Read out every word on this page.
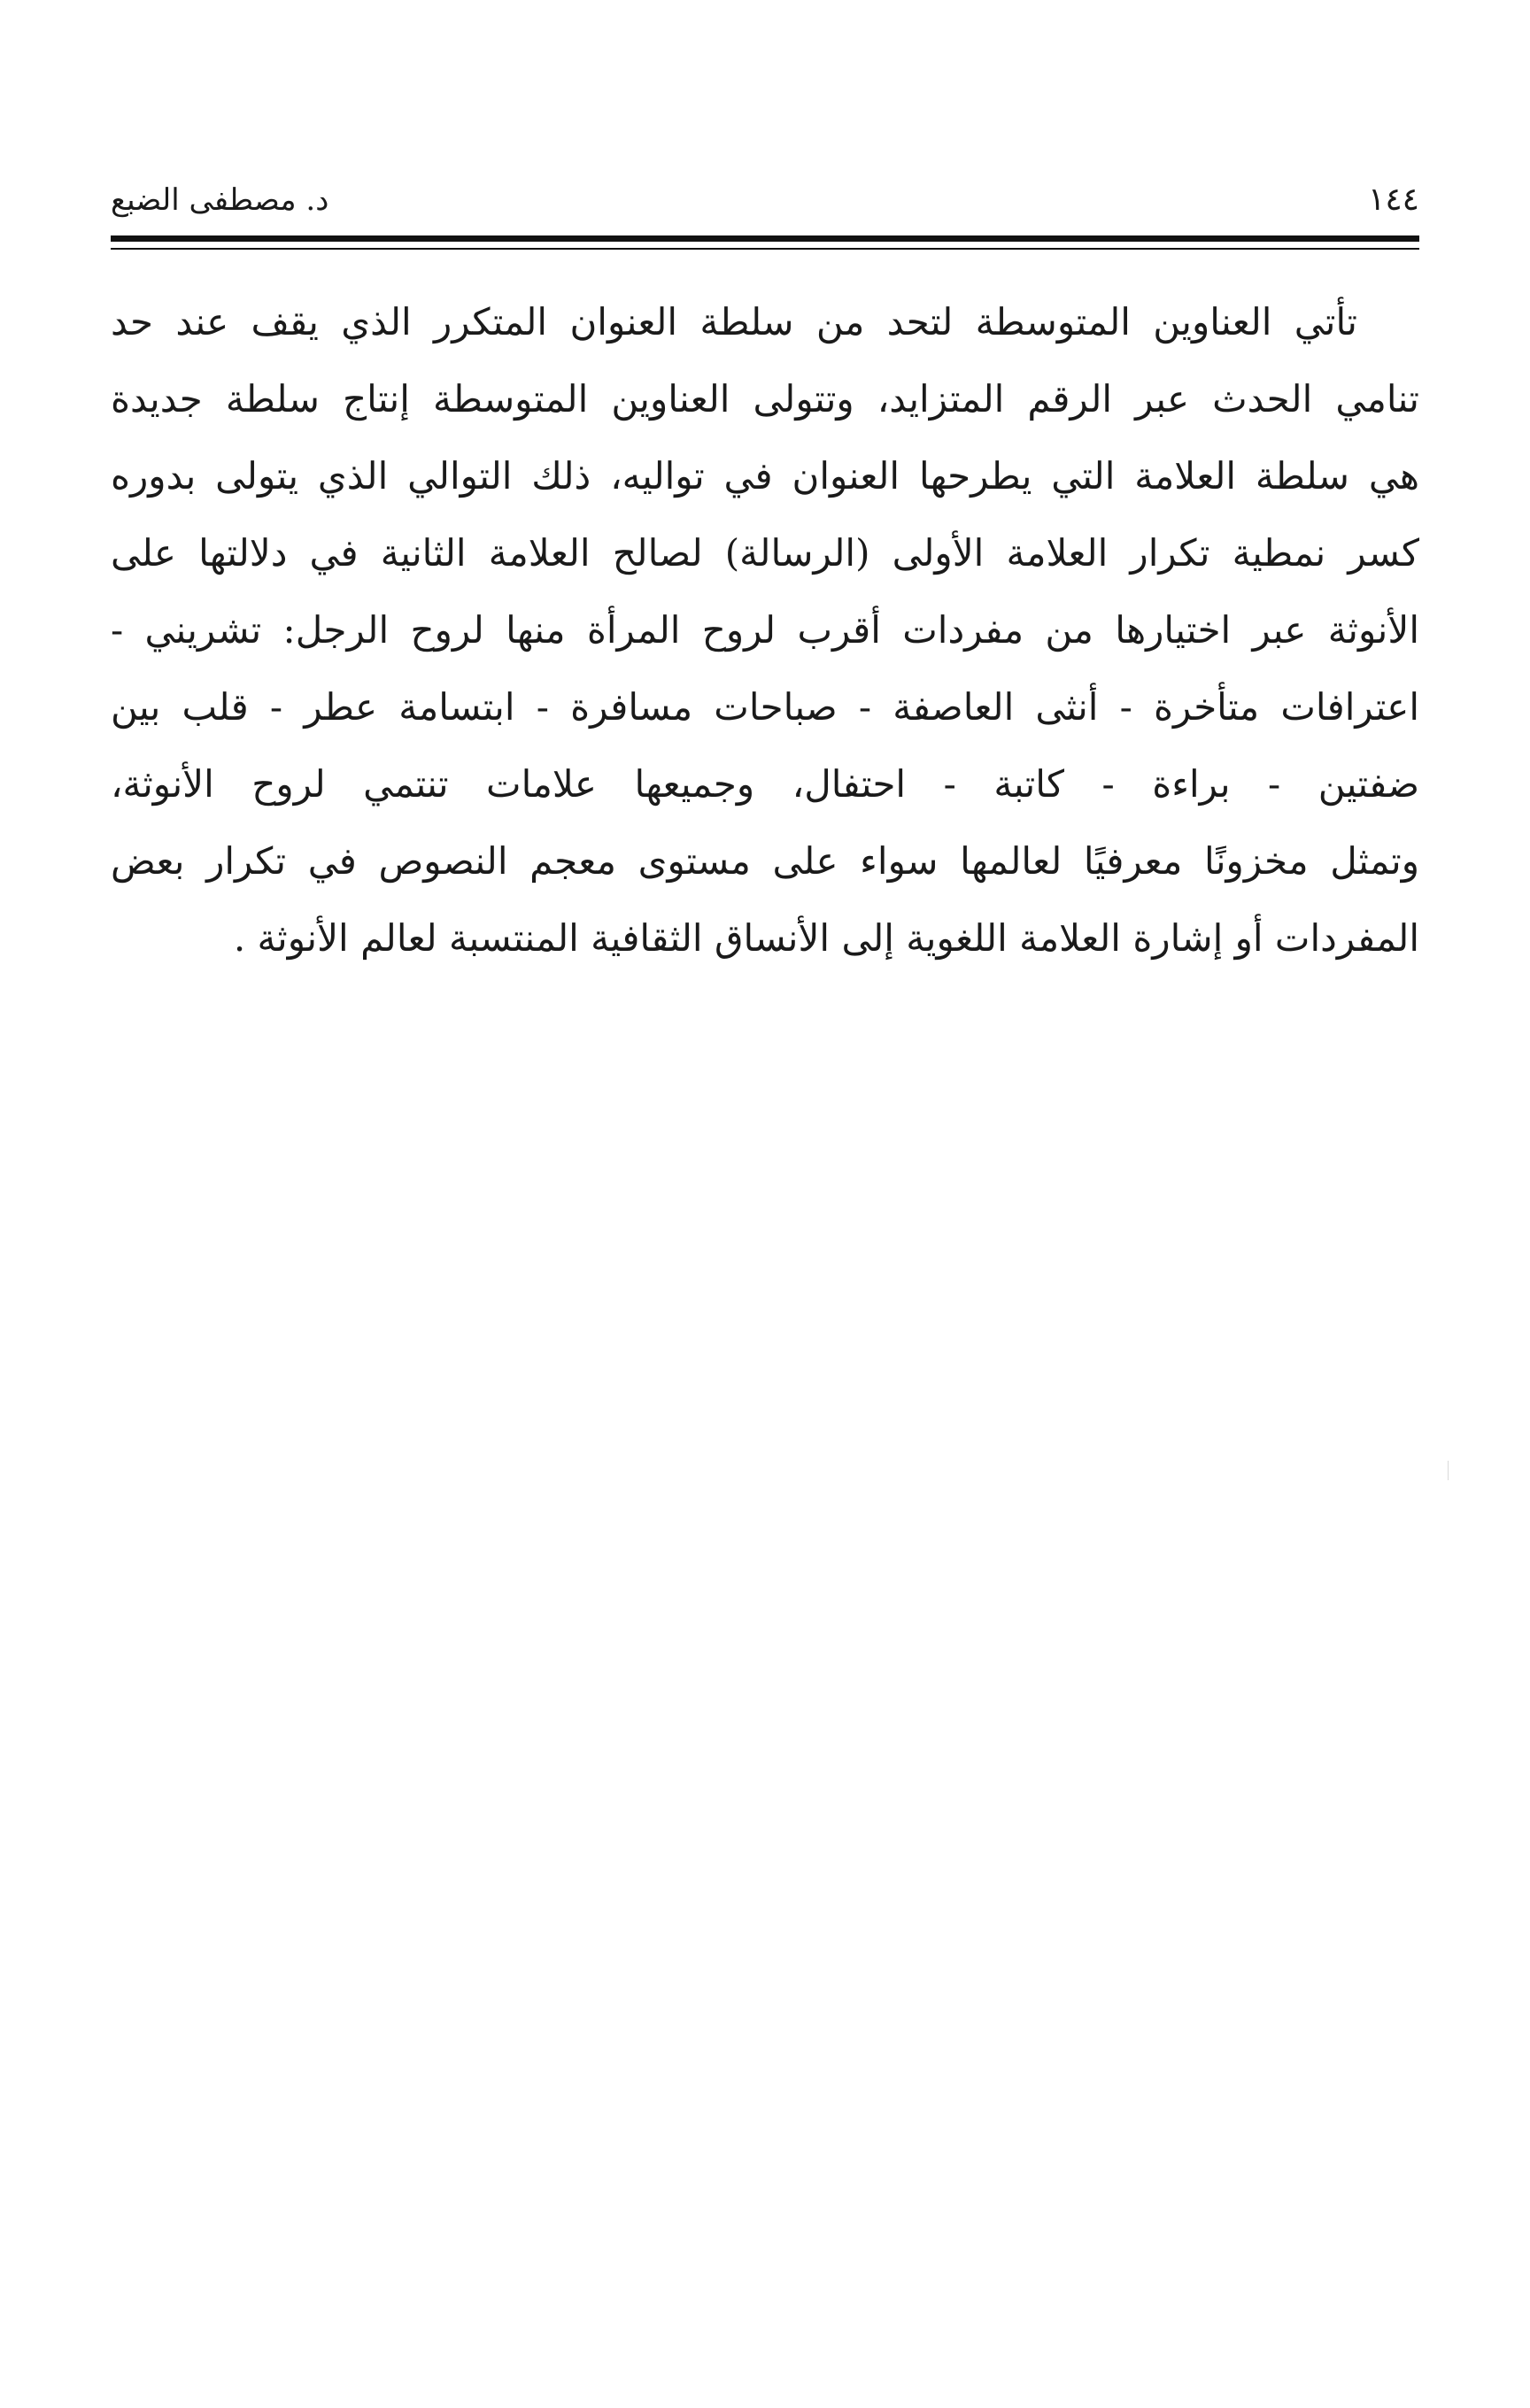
١٤٤
د. مصطفى الضبع
تأتي العناوين المتوسطة لتحد من سلطة العنوان المتكرر الذي يقف عند حد
تنامي الحدث عبر الرقم المتزايد، وتتولى العناوين المتوسطة إنتاج سلطة جديدة
هي سلطة العلامة التي يطرحها العنوان في تواليه، ذلك التوالي الذي يتولى بدوره
كسر نمطية تكرار العلامة الأولى (الرسالة) لصالح العلامة الثانية في دلالتها على
الأنوثة عبر اختيارها من مفردات أقرب لروح المرأة منها لروح الرجل: تشريني -
اعترافات متأخرة - أنثى العاصفة - صباحات مسافرة - ابتسامة عطر - قلب بين
ضفتين - براءة - كاتبة - احتفال، وجميعها علامات تنتمي لروح الأنوثة،
وتمثل مخزونًا معرفيًا لعالمها سواء على مستوى معجم النصوص في تكرار بعض
المفردات أو إشارة العلامة اللغوية إلى الأنساق الثقافية المنتسبة لعالم الأنوثة .
